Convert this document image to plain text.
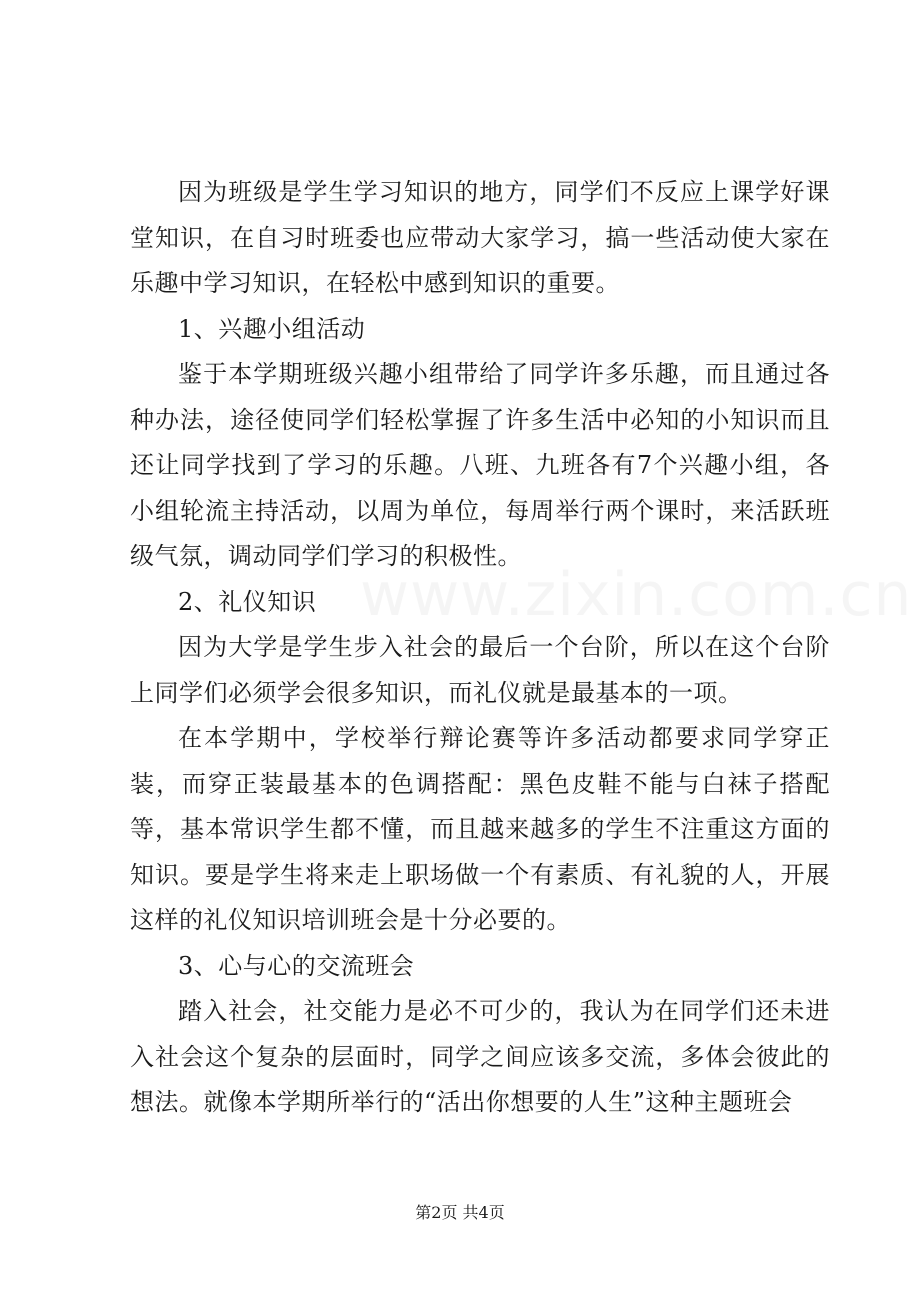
因为班级是学生学习知识的地方，同学们不反应上课学好课堂知识，在自习时班委也应带动大家学习，搞一些活动使大家在乐趣中学习知识，在轻松中感到知识的重要。

1、兴趣小组活动

鉴于本学期班级兴趣小组带给了同学许多乐趣，而且通过各种办法，途径使同学们轻松掌握了许多生活中必知的小知识而且还让同学找到了学习的乐趣。八班、九班各有7个兴趣小组，各小组轮流主持活动，以周为单位，每周举行两个课时，来活跃班级气氛，调动同学们学习的积极性。

2、礼仪知识

因为大学是学生步入社会的最后一个台阶，所以在这个台阶上同学们必须学会很多知识，而礼仪就是最基本的一项。

在本学期中，学校举行辩论赛等许多活动都要求同学穿正装，而穿正装最基本的色调搭配：黑色皮鞋不能与白袜子搭配等，基本常识学生都不懂，而且越来越多的学生不注重这方面的知识。要是学生将来走上职场做一个有素质、有礼貌的人，开展这样的礼仪知识培训班会是十分必要的。

3、心与心的交流班会

踏入社会，社交能力是必不可少的，我认为在同学们还未进入社会这个复杂的层面时，同学之间应该多交流，多体会彼此的想法。就像本学期所举行的“活出你想要的人生”这种主题班会

www.zixin.com.cn
第2页 共4页
